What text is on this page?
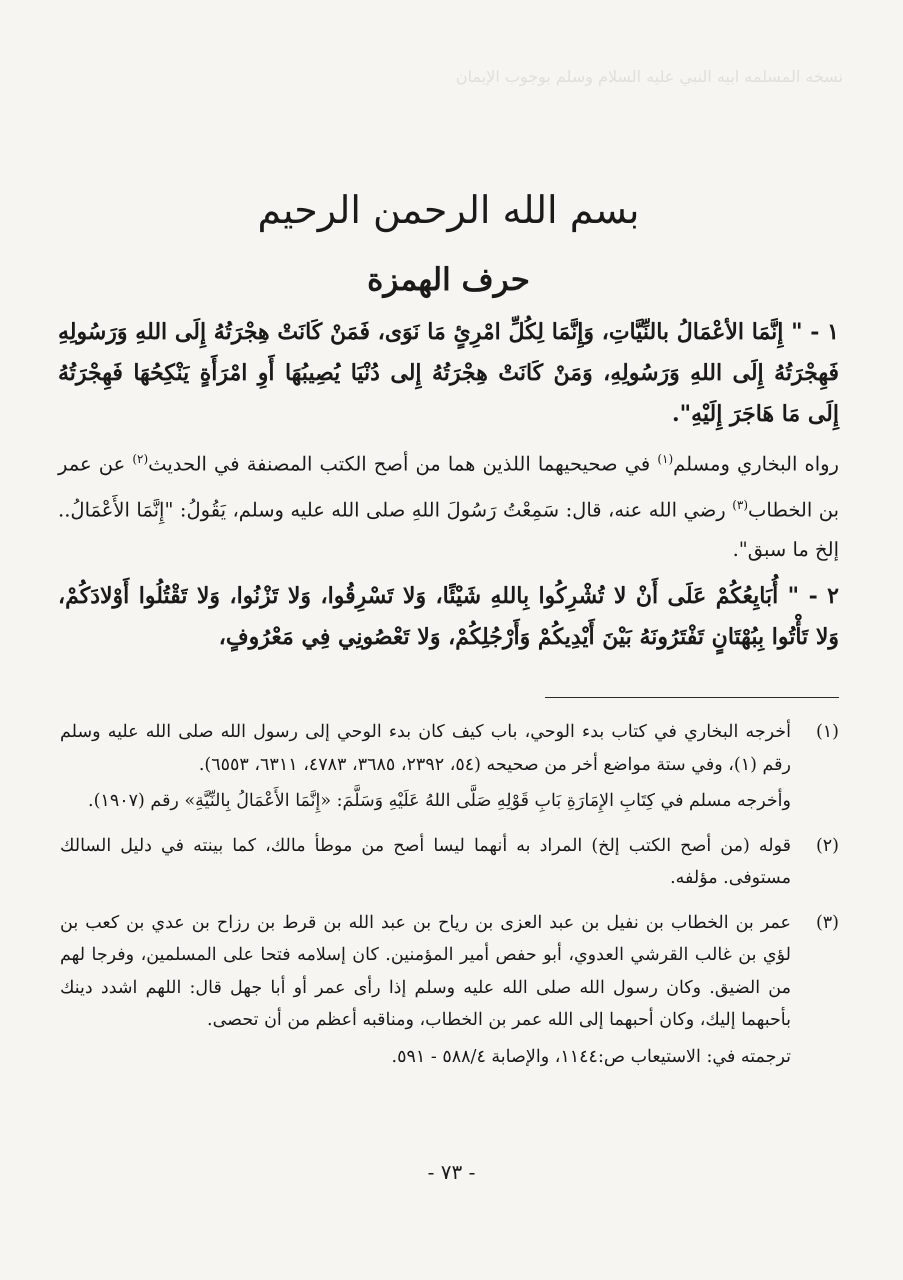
نسخه المسلمه ابيه النبي عليه السلام وسلم بوجوب الإيمان
بسم الله الرحمن الرحيم
حرف الهمزة

١ - " إِنَّمَا الأعْمَالُ بالنِّيَّاتِ، وَإِنَّمَا لِكُلِّ امْرِئٍ مَا نَوَى، فَمَنْ كَانَتْ هِجْرَتُهُ إِلَى اللهِ وَرَسُولِهِ فَهِجْرَتُهُ إِلَى اللهِ وَرَسُولِهِ، وَمَنْ كَانَتْ هِجْرَتُهُ إِلى دُنْيَا يُصِيبُهَا أَوِ امْرَأَةٍ يَنْكِحُهَا فَهِجْرَتُهُ إِلَى مَا هَاجَرَ إِلَيْهِ".

رواه البخاري ومسلم$^{(١)}$ في صحيحيهما اللذين هما من أصح الكتب المصنفة في الحديث$^{(٢)}$ عن عمر بن الخطاب$^{(٣)}$ رضي الله عنه، قال: سَمِعْتُ رَسُولَ اللهِ صلى الله عليه وسلم، يَقُولُ: "إِنَّمَا الأَعْمَالُ.. إلخ ما سبق".

٢ - " أُبَايِعُكُمْ عَلَى أَنْ لا تُشْرِكُوا بِاللهِ شَيْئًا، وَلا تَسْرِقُوا، وَلا تَزْنُوا، وَلا تَقْتُلُوا أَوْلادَكُمْ، وَلا تَأْتُوا بِبُهْتَانٍ تَفْتَرُونَهُ بَيْنَ أَيْدِيكُمْ وَأَرْجُلِكُمْ، وَلا تَعْصُونِي فِي مَعْرُوفٍ،

(١)

أخرجه البخاري في كتاب بدء الوحي، باب كيف كان بدء الوحي إلى رسول الله صلى الله عليه وسلم رقم (١)، وفي ستة مواضع أخر من صحيحه (٥٤، ٢٣٩٢، ٣٦٨٥، ٤٧٨٣، ٦٣١١، ٦٥٥٣).

وأخرجه مسلم في كِتَابِ الإِمَارَةِ بَابِ قَوْلِهِ صَلَّى اللهُ عَلَيْهِ وَسَلَّمَ: «إِنَّمَا الأَعْمَالُ بِالنِّيَّةِ» رقم (١٩٠٧).

(٢)

قوله (من أصح الكتب إلخ) المراد به أنهما ليسا أصح من موطأ مالك، كما بينته في دليل السالك مستوفى. مؤلفه.

(٣)

عمر بن الخطاب بن نفيل بن عبد العزى بن رياح بن عبد الله بن قرط بن رزاح بن عدي بن كعب بن لؤي بن غالب القرشي العدوي، أبو حفص أمير المؤمنين. كان إسلامه فتحا على المسلمين، وفرجا لهم من الضيق. وكان رسول الله صلى الله عليه وسلم إذا رأى عمر أو أبا جهل قال: اللهم اشدد دينك بأحبهما إليك، وكان أحبهما إلى الله عمر بن الخطاب، ومناقبه أعظم من أن تحصى.

ترجمته في: الاستيعاب ص:١١٤٤، والإصابة ٥٨٨/٤ - ٥٩١.

- ٧٣ -
